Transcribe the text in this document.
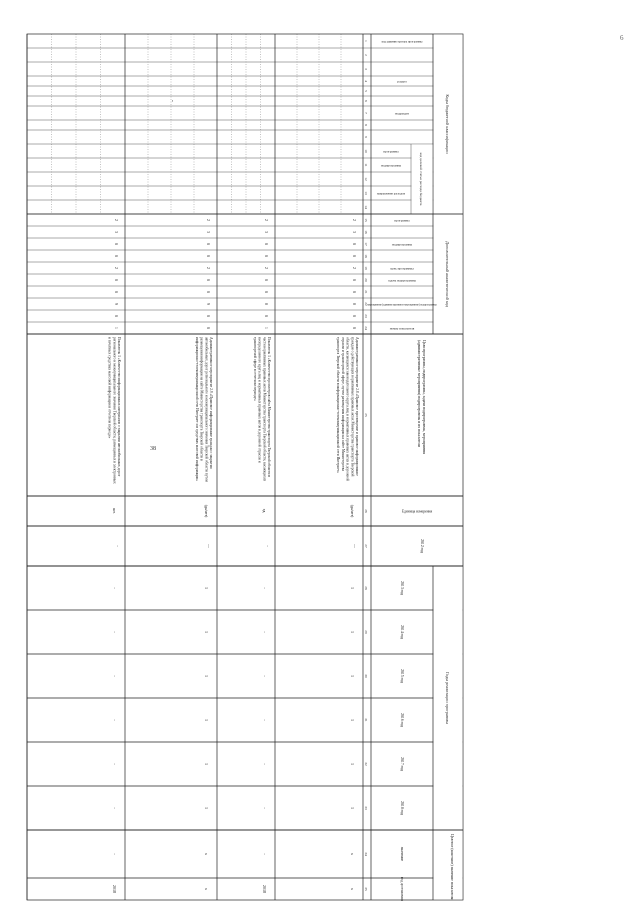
38
6
Коды бюджетной классификации
Дополнительный аналитический код
Годы реализации программы
Целевое (конечное) значение показателя
код целевой статьи расхода бюджета
код администратора программы
раздел
подраздел
программа
подпрограмма
направление расходов
программа
подпрограмма
цель программы
задача подпрограммы
мероприятие (административное мероприятие) подпрограммы
номер показателя
Цели программы, подпрограммы, задачи подпрограммы, мероприятия(административные мероприятия) подпрограммы и их показатели
Единица измерения
2012 год
2013 год
2014 год
2015 год
2016 год
2017 год
2018 год
значение
год достижения
1
2
3
4
5
6
7
8
9
10
11
12
13
14
15
16
17
18
19
20
21
22
23
24
25
26
27
28
29
30
31
32
33
34
35
2
3
0
0
2
0
0
8
0
0
Административное мероприятие 2.8 «Правовое просвещение и правовое информированиеграждан о действующих нормативных правовых актах Министерства транспорта Тверскойобласти, касающихся законодательного круга лиц и нормативных правовых актах в дорожнойотрасли и транспортной сфере, путем размещения информации на сайте Министерстватранспорта Тверской области в информационно-телекоммуникационной сети Интернет»
(да/нет)
—
1
1
1
1
1
1
х
х
2
3
0
0
2
0
0
8
0
1
Показатель 1 «Количество просмотров сайта Министерства транспорта Тверской области вчасти нормативных правовых актов Министерства транспорта Тверской области, касающихсянеопределенного круга лиц и нормативных правовых актов в дорожной отрасли итранспортной сфере в отчетном периоде»
ед.
-
-
-
-
-
-
-
-
2018
2
3
0
0
2
0
0
9
0
0
Административное мероприятие 2.9 «Правовое информирование граждан о закрытииавтомобильных дорог регионального и межмуниципального значения Тверской области путемразмещения информации на сайте Министерства транспорта Тверской области винформационно-телекоммуникационной сети Интернет и в средствах массовой информации»
(да/нет)
—
1
1
1
1
1
1
х
х
2
3
0
0
2
0
0
9
0
1
Показатель 1 «Количество информационных материалов о закрытии автомобильных дорогрегионального и межмуниципального значения Тверской области, размещенных в электронныхи печатных средствах массовой информации в отчетном периоде»
шт.
-
-
-
-
-
-
-
-
2018
•
